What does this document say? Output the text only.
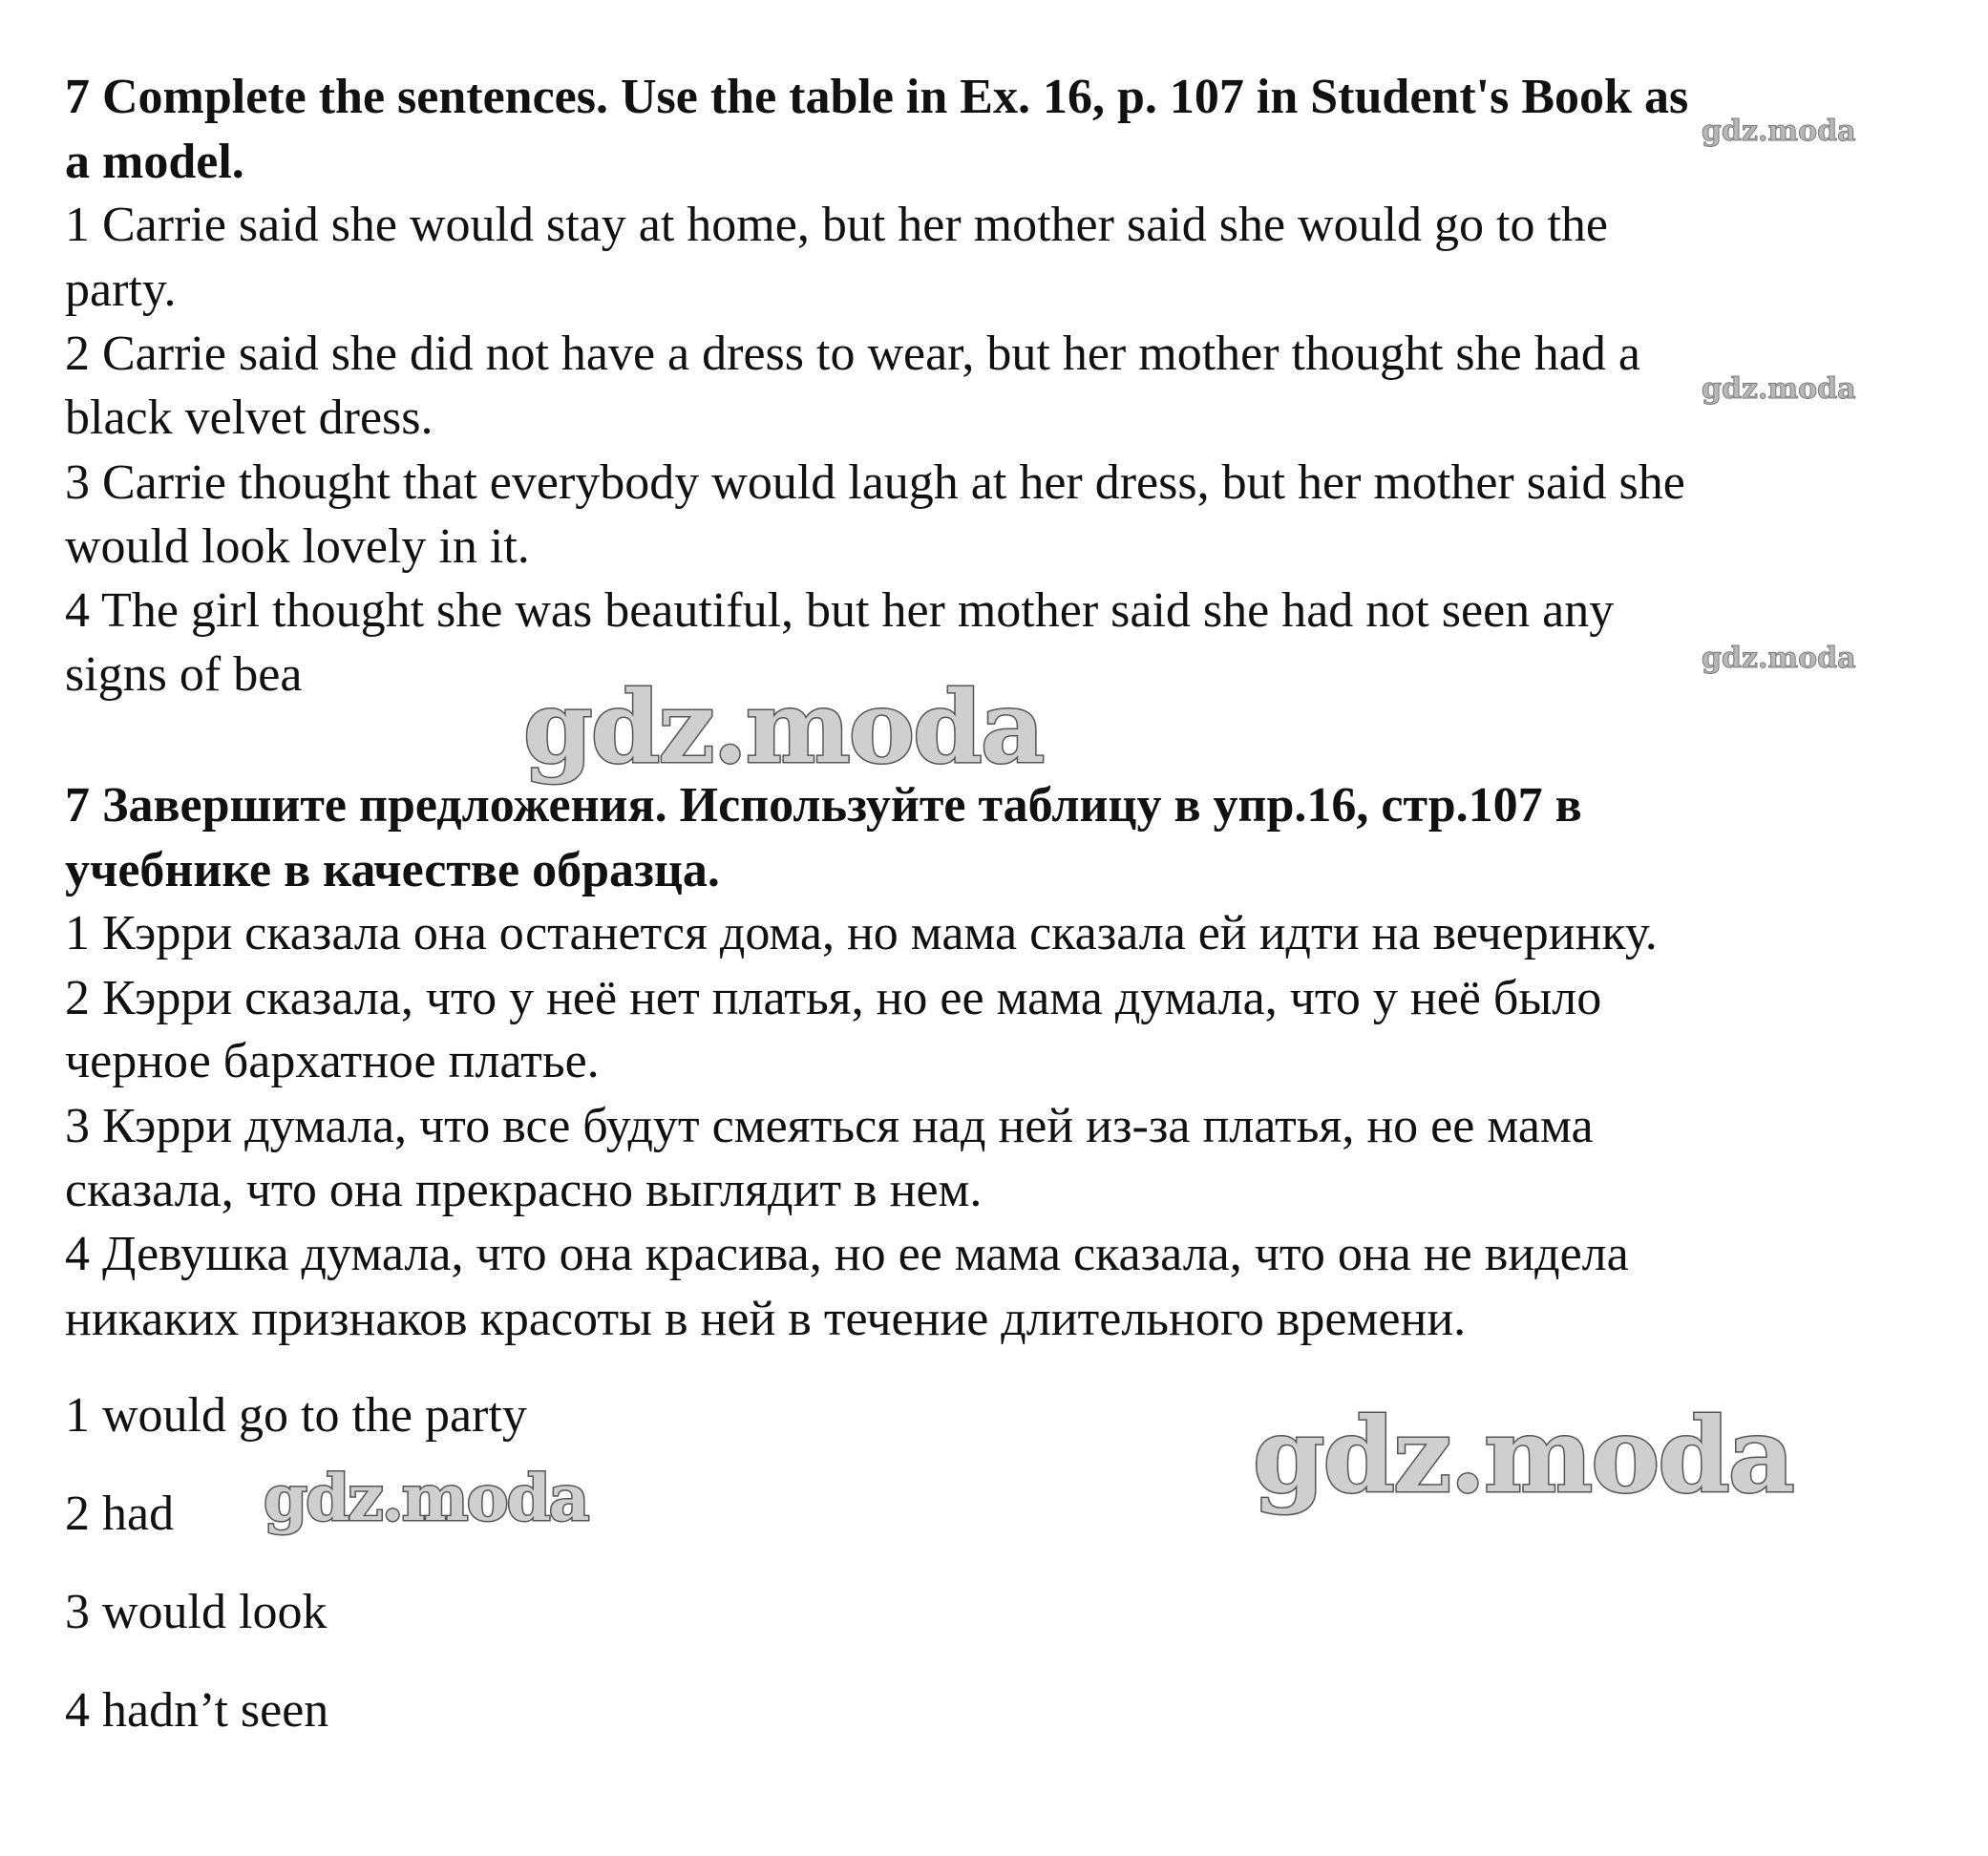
7 Complete the sentences. Use the table in Ex. 16, p. 107 in Student's Book as
a model.
1 Carrie said she would stay at home, but her mother said she would go to the
party.
2 Carrie said she did not have a dress to wear, but her mother thought she had a
black velvet dress.
3 Carrie thought that everybody would laugh at her dress, but her mother said she
would look lovely in it.
4 The girl thought she was beautiful, but her mother said she had not seen any
signs of bea
7 Завершите предложения. Используйте таблицу в упр.16, стр.107 в
учебнике в качестве образца.
1 Кэрри сказала она останется дома, но мама сказала ей идти на вечеринку.
2 Кэрри сказала, что у неё нет платья, но ее мама думала, что у неё было
черное бархатное платье.
3 Кэрри думала, что все будут смеяться над ней из-за платья, но ее мама
сказала, что она прекрасно выглядит в нем.
4 Девушка думала, что она красива, но ее мама сказала, что она не видела
никаких признаков красоты в ней в течение длительного времени.
1 would go to the party
2 had
3 would look
4 hadn’t seen
gdz.moda
gdz.moda
gdz.moda
gdz.moda
gdz.moda
gdz.moda
